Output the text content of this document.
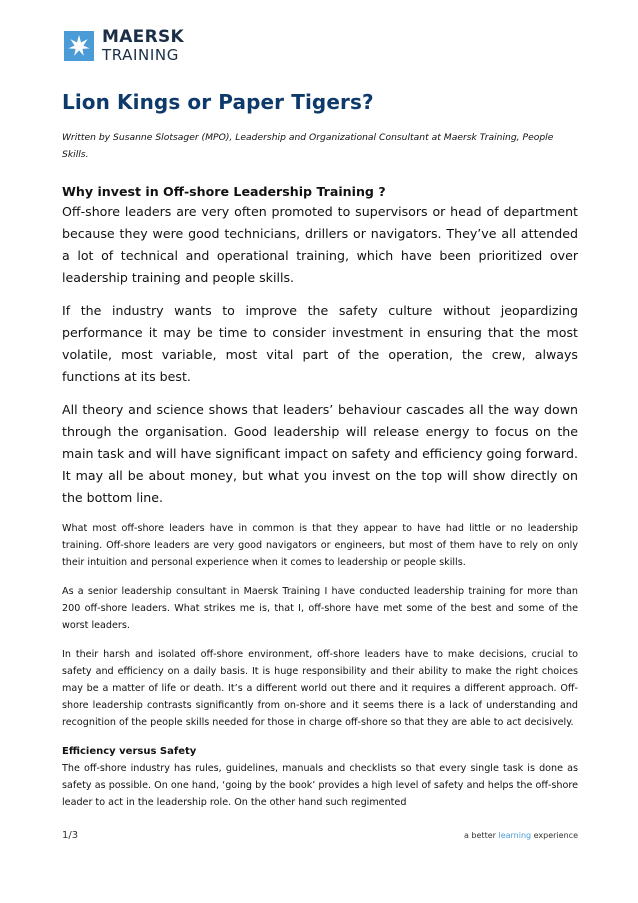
MAERSK
TRAINING
Lion Kings or Paper Tigers?

Written by Susanne Slotsager (MPO), Leadership and Organizational Consultant at Maersk Training, People Skills.

Why invest in Off-shore Leadership Training ?

Off-shore leaders are very often promoted to supervisors or head of department because they were good technicians, drillers or navigators. They’ve all attended a lot of technical and operational training, which have been prioritized over leadership training and people skills.

If the industry wants to improve the safety culture without jeopardizing performance it may be time to consider investment in ensuring that the most volatile, most variable, most vital part of the operation, the crew, always functions at its best.

All theory and science shows that leaders’ behaviour cascades all the way down through the organisation. Good leadership will release energy to focus on the main task and will have significant impact on safety and efficiency going forward. It may all be about money, but what you invest on the top will show directly on the bottom line.

What most off-shore leaders have in common is that they appear to have had little or no leadership training. Off-shore leaders are very good navigators or engineers, but most of them have to rely on only their intuition and personal experience when it comes to leadership or people skills.

As a senior leadership consultant in Maersk Training I have conducted leadership training for more than 200 off-shore leaders. What strikes me is, that I, off-shore have met some of the best and some of the worst leaders.

In their harsh and isolated off-shore environment, off-shore leaders have to make decisions, crucial to safety and efficiency on a daily basis. It is huge responsibility and their ability to make the right choices may be a matter of life or death. It’s a different world out there and it requires a different approach. Off-shore leadership contrasts significantly from on-shore and it seems there is a lack of understanding and recognition of the people skills needed for those in charge off-shore so that they are able to act decisively.

Efficiency versus Safety

The off-shore industry has rules, guidelines, manuals and checklists so that every single task is done as safety as possible. On one hand, ‘going by the book’ provides a high level of safety and helps the off-shore leader to act in the leadership role. On the other hand such regimented

1/3	a better learning experience
